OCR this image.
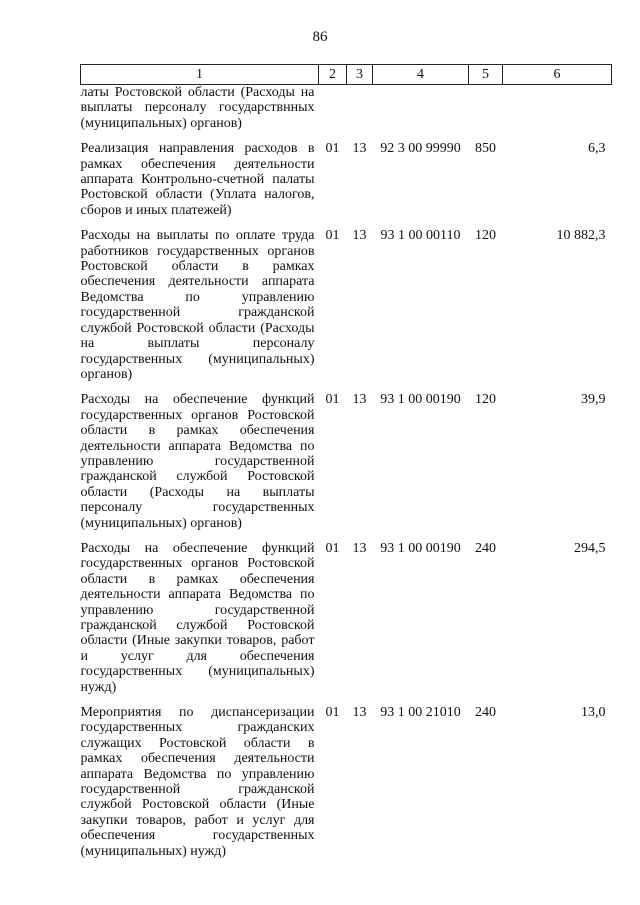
86
1	2	3	4	5	6
латы Ростовской области (Расходы на выплаты персоналу государствнных (муниципальных) органов)					
Реализация направления расходов в рамках обеспечения деятельности аппарата Контрольно-счетной палаты Ростовской области (Уплата налогов, сборов и иных платежей)	01	13	92 3 00 99990	850	6,3
Расходы на выплаты по оплате труда работников государственных органов Ростовской области в рамках обеспечения деятельности аппарата Ведомства по управлению государственной гражданской службой Ростовской области (Расходы на выплаты персоналу государственных (муниципальных) органов)	01	13	93 1 00 00110	120	10 882,3
Расходы на обеспечение функций государственных органов Ростовской области в рамках обеспечения деятельности аппарата Ведомства по управлению государственной гражданской службой Ростовской области (Расходы на выплаты персоналу государственных (муниципальных) органов)	01	13	93 1 00 00190	120	39,9
Расходы на обеспечение функций государственных органов Ростовской области в рамках обеспечения деятельности аппарата Ведомства по управлению государственной гражданской службой Ростовской области (Иные закупки товаров, работ и услуг для обеспечения государственных (муниципальных) нужд)	01	13	93 1 00 00190	240	294,5
Мероприятия по диспансеризации государственных гражданских служащих Ростовской области в рамках обеспечения деятельности аппарата Ведомства по управлению государственной гражданской службой Ростовской области (Иные закупки товаров, работ и услуг для обеспечения государственных (муниципальных) нужд)	01	13	93 1 00 21010	240	13,0
